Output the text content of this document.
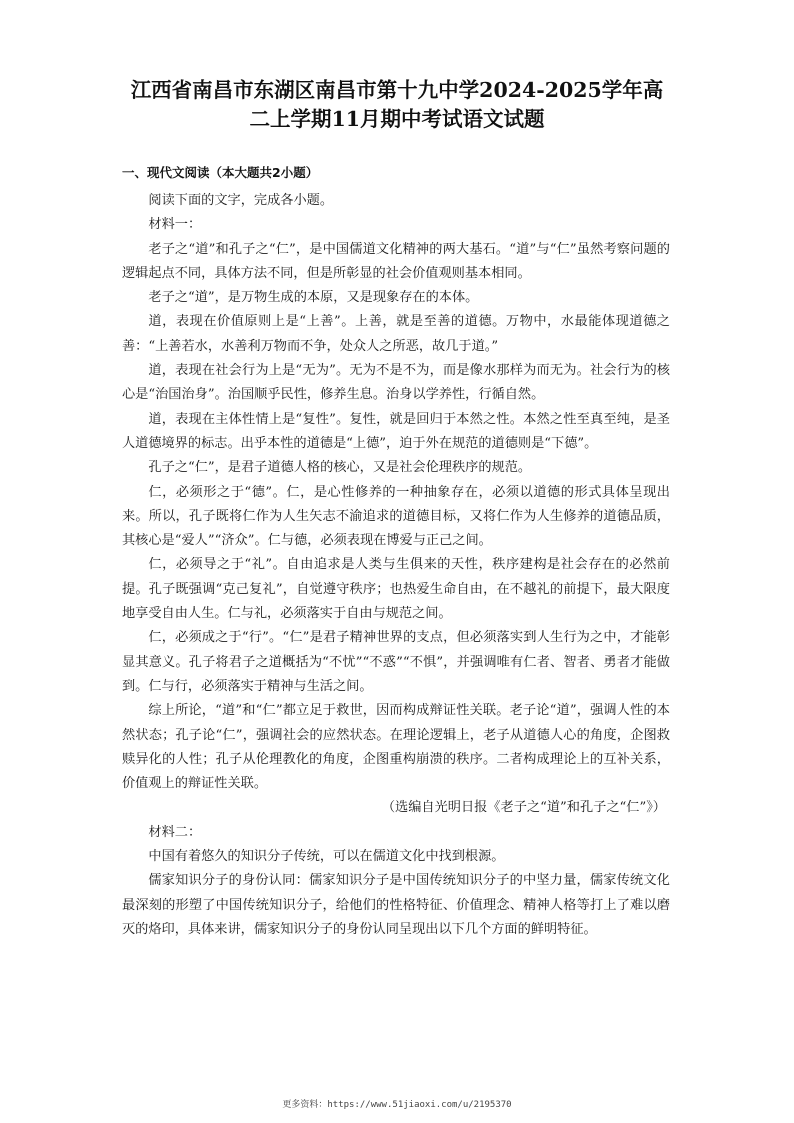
江西省南昌市东湖区南昌市第十九中学2024-2025学年高
二上学期11月期中考试语文试题
一、现代文阅读（本大题共2小题）

阅读下面的文字，完成各小题。

材料一：

老子之“道”和孔子之“仁”，是中国儒道文化精神的两大基石。“道”与“仁”虽然考察问题的逻辑起点不同，具体方法不同，但是所彰显的社会价值观则基本相同。

老子之“道”，是万物生成的本原，又是现象存在的本体。

道，表现在价值原则上是“上善”。上善，就是至善的道德。万物中，水最能体现道德之善：“上善若水，水善利万物而不争，处众人之所恶，故几于道。”

道，表现在社会行为上是“无为”。无为不是不为，而是像水那样为而无为。社会行为的核心是“治国治身”。治国顺乎民性，修养生息。治身以学养性，行循自然。

道，表现在主体性情上是“复性”。复性，就是回归于本然之性。本然之性至真至纯，是圣人道德境界的标志。出乎本性的道德是“上德”，迫于外在规范的道德则是“下德”。

孔子之“仁”，是君子道德人格的核心，又是社会伦理秩序的规范。

仁，必须形之于“德”。仁，是心性修养的一种抽象存在，必须以道德的形式具体呈现出来。所以，孔子既将仁作为人生矢志不渝追求的道德目标，又将仁作为人生修养的道德品质，其核心是“爱人”“济众”。仁与德，必须表现在博爱与正己之间。

仁，必须导之于“礼”。自由追求是人类与生俱来的天性，秩序建构是社会存在的必然前提。孔子既强调“克己复礼”，自觉遵守秩序；也热爱生命自由，在不越礼的前提下，最大限度地享受自由人生。仁与礼，必须落实于自由与规范之间。

仁，必须成之于“行”。“仁”是君子精神世界的支点，但必须落实到人生行为之中，才能彰显其意义。孔子将君子之道概括为“不忧”“不惑”“不惧”，并强调唯有仁者、智者、勇者才能做到。仁与行，必须落实于精神与生活之间。

综上所论，“道”和“仁”都立足于救世，因而构成辩证性关联。老子论“道”，强调人性的本然状态；孔子论“仁”，强调社会的应然状态。在理论逻辑上，老子从道德人心的角度，企图救赎异化的人性；孔子从伦理教化的角度，企图重构崩溃的秩序。二者构成理论上的互补关系，价值观上的辩证性关联。

（选编自光明日报《老子之“道”和孔子之“仁”》）

材料二：

中国有着悠久的知识分子传统，可以在儒道文化中找到根源。

儒家知识分子的身份认同：儒家知识分子是中国传统知识分子的中坚力量，儒家传统文化最深刻的形塑了中国传统知识分子，给他们的性格特征、价值理念、精神人格等打上了难以磨灭的烙印，具体来讲，儒家知识分子的身份认同呈现出以下几个方面的鲜明特征。

更多资料：https://www.51jiaoxi.com/u/2195370
